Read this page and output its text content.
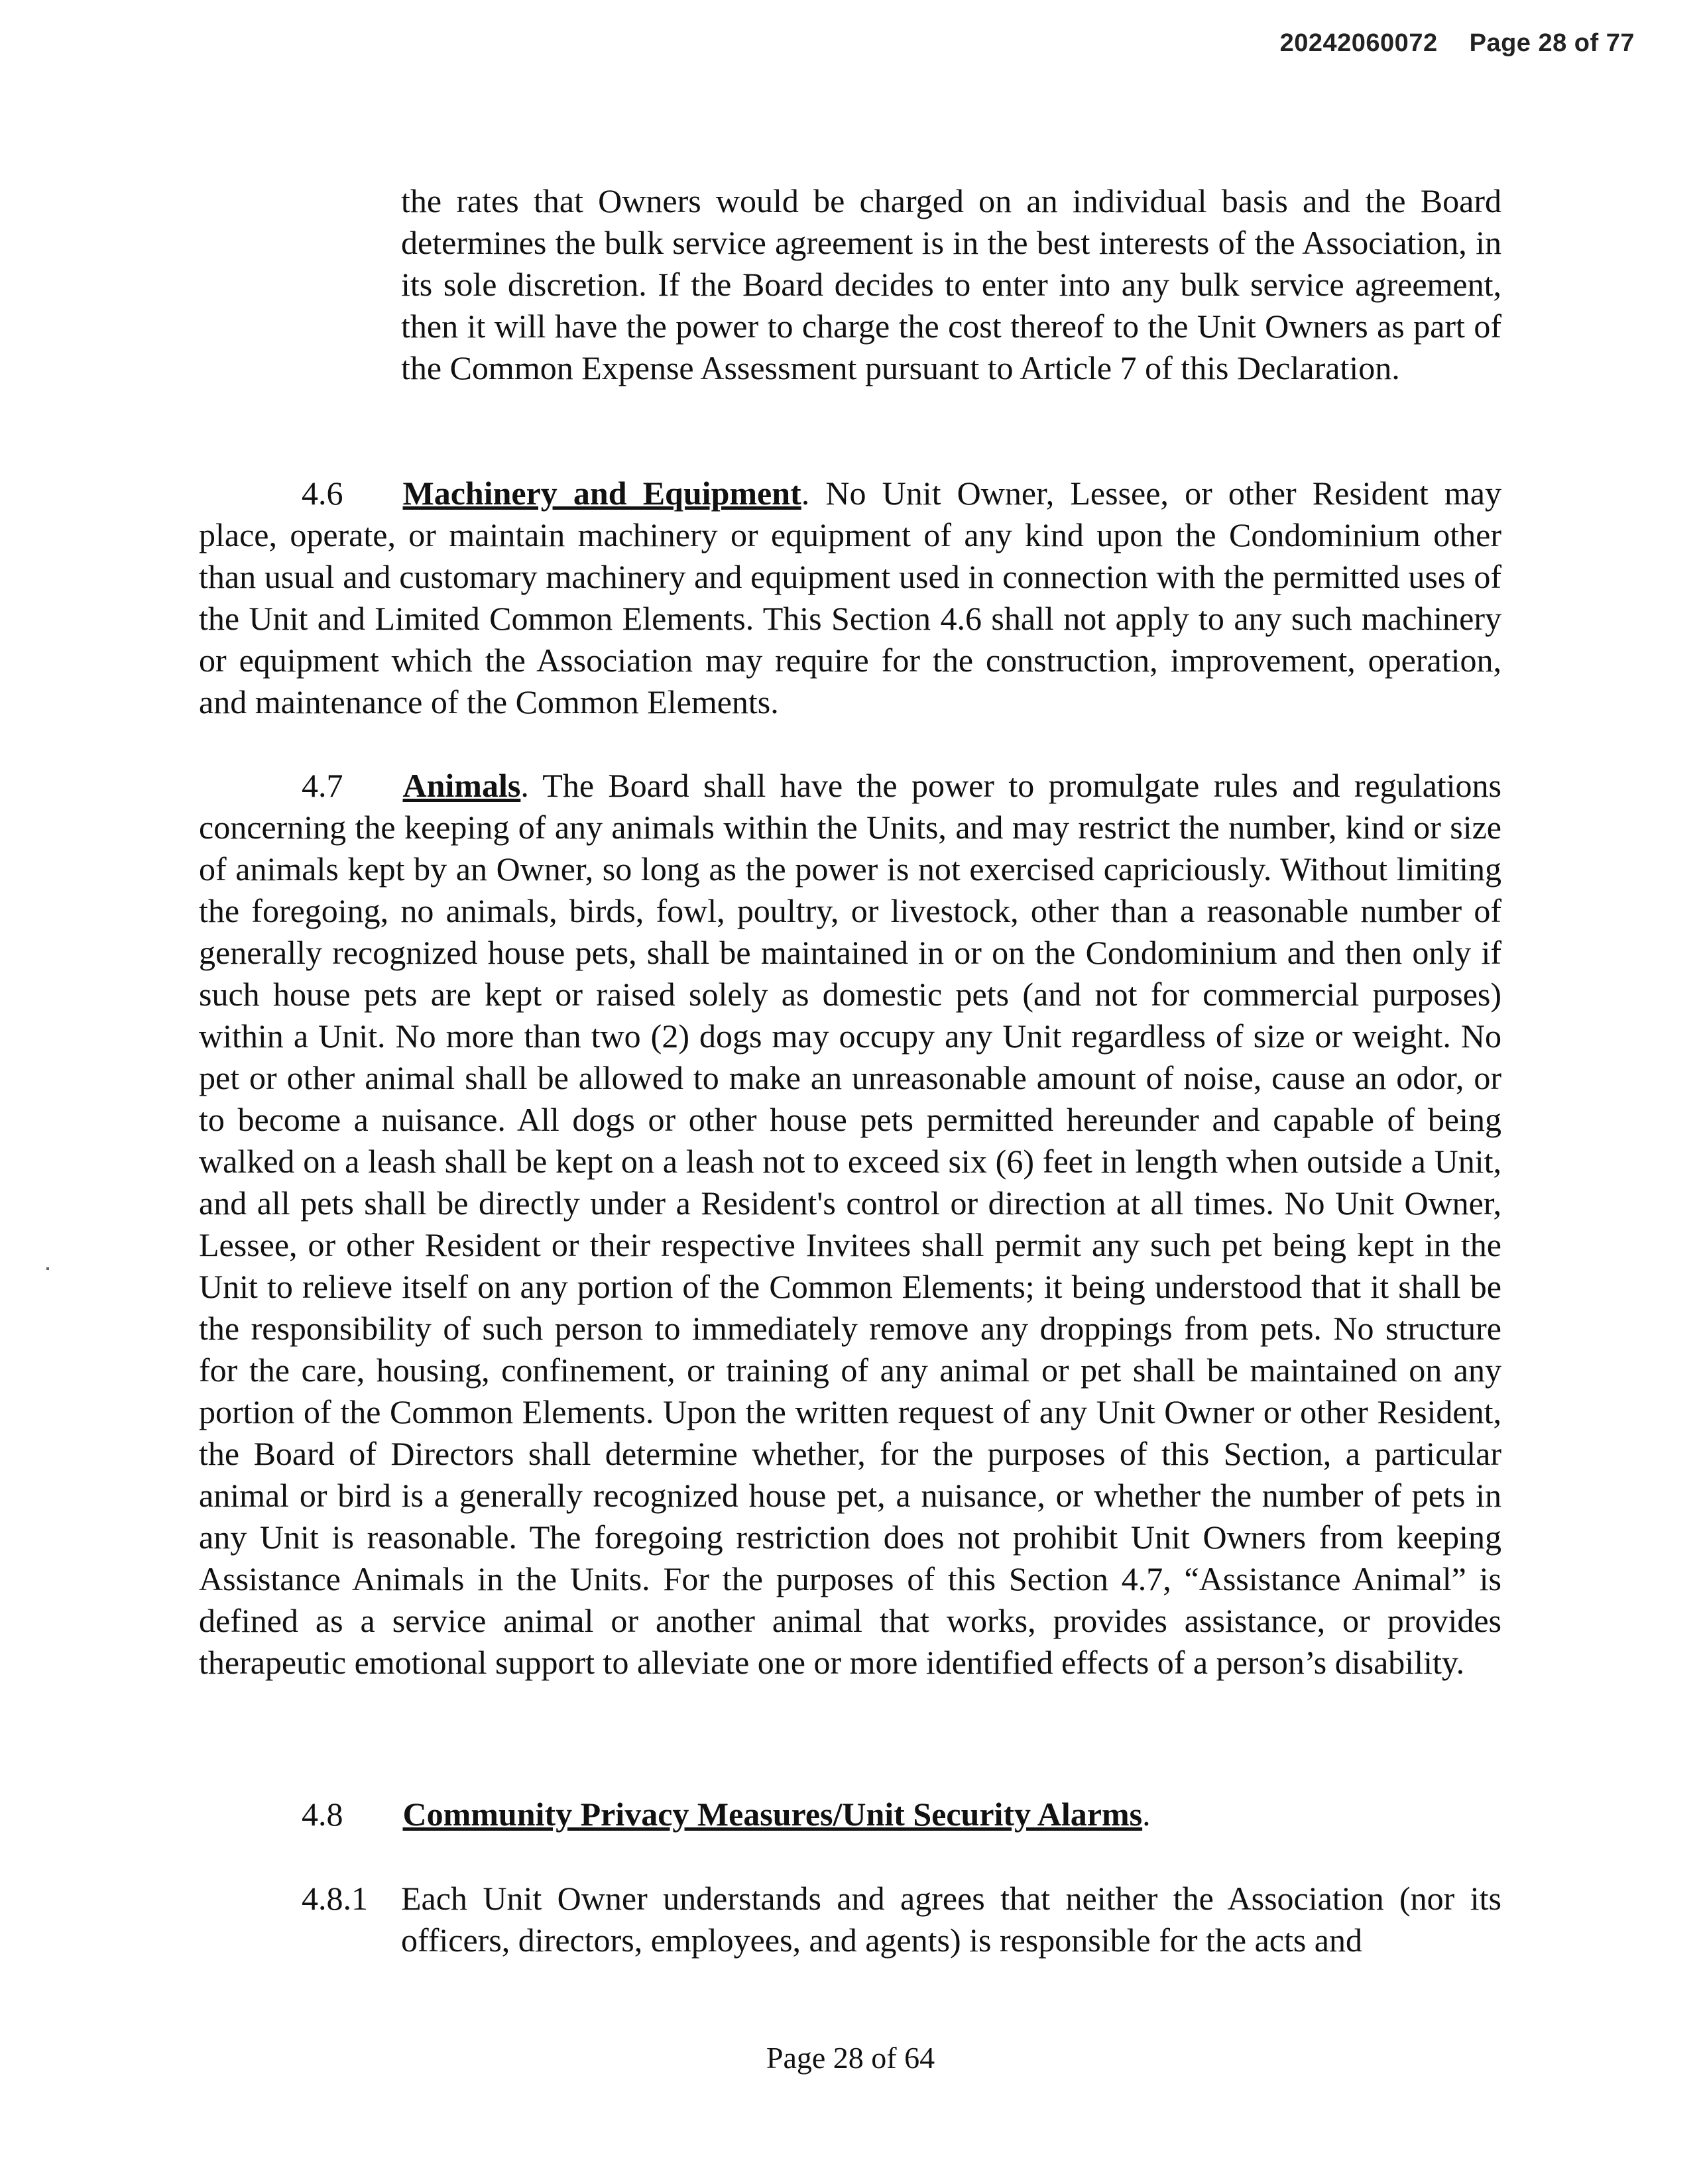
20242060072 Page 28 of 77
the rates that Owners would be charged on an individual basis and the Board determines the bulk service agreement is in the best interests of the Association, in its sole discretion. If the Board decides to enter into any bulk service agreement, then it will have the power to charge the cost thereof to the Unit Owners as part of the Common Expense Assessment pursuant to Article 7 of this Declaration.
4.6 Machinery and Equipment. No Unit Owner, Lessee, or other Resident may place, operate, or maintain machinery or equipment of any kind upon the Condominium other than usual and customary machinery and equipment used in connection with the permitted uses of the Unit and Limited Common Elements. This Section 4.6 shall not apply to any such machinery or equipment which the Association may require for the construction, improvement, operation, and maintenance of the Common Elements.
4.7 Animals. The Board shall have the power to promulgate rules and regulations concerning the keeping of any animals within the Units, and may restrict the number, kind or size of animals kept by an Owner, so long as the power is not exercised capriciously. Without limiting the foregoing, no animals, birds, fowl, poultry, or livestock, other than a reasonable number of generally recognized house pets, shall be maintained in or on the Condominium and then only if such house pets are kept or raised solely as domestic pets (and not for commercial purposes) within a Unit. No more than two (2) dogs may occupy any Unit regardless of size or weight. No pet or other animal shall be allowed to make an unreasonable amount of noise, cause an odor, or to become a nuisance. All dogs or other house pets permitted hereunder and capable of being walked on a leash shall be kept on a leash not to exceed six (6) feet in length when outside a Unit, and all pets shall be directly under a Resident's control or direction at all times. No Unit Owner, Lessee, or other Resident or their respective Invitees shall permit any such pet being kept in the Unit to relieve itself on any portion of the Common Elements; it being understood that it shall be the responsibility of such person to immediately remove any droppings from pets. No structure for the care, housing, confinement, or training of any animal or pet shall be maintained on any portion of the Common Elements. Upon the written request of any Unit Owner or other Resident, the Board of Directors shall determine whether, for the purposes of this Section, a particular animal or bird is a generally recognized house pet, a nuisance, or whether the number of pets in any Unit is reasonable. The foregoing restriction does not prohibit Unit Owners from keeping Assistance Animals in the Units. For the purposes of this Section 4.7, “Assistance Animal” is defined as a service animal or another animal that works, provides assistance, or provides therapeutic emotional support to alleviate one or more identified effects of a person’s disability.
4.8 Community Privacy Measures/Unit Security Alarms.
4.8.1 Each Unit Owner understands and agrees that neither the Association (nor its officers, directors, employees, and agents) is responsible for the acts and
Page 28 of 64
